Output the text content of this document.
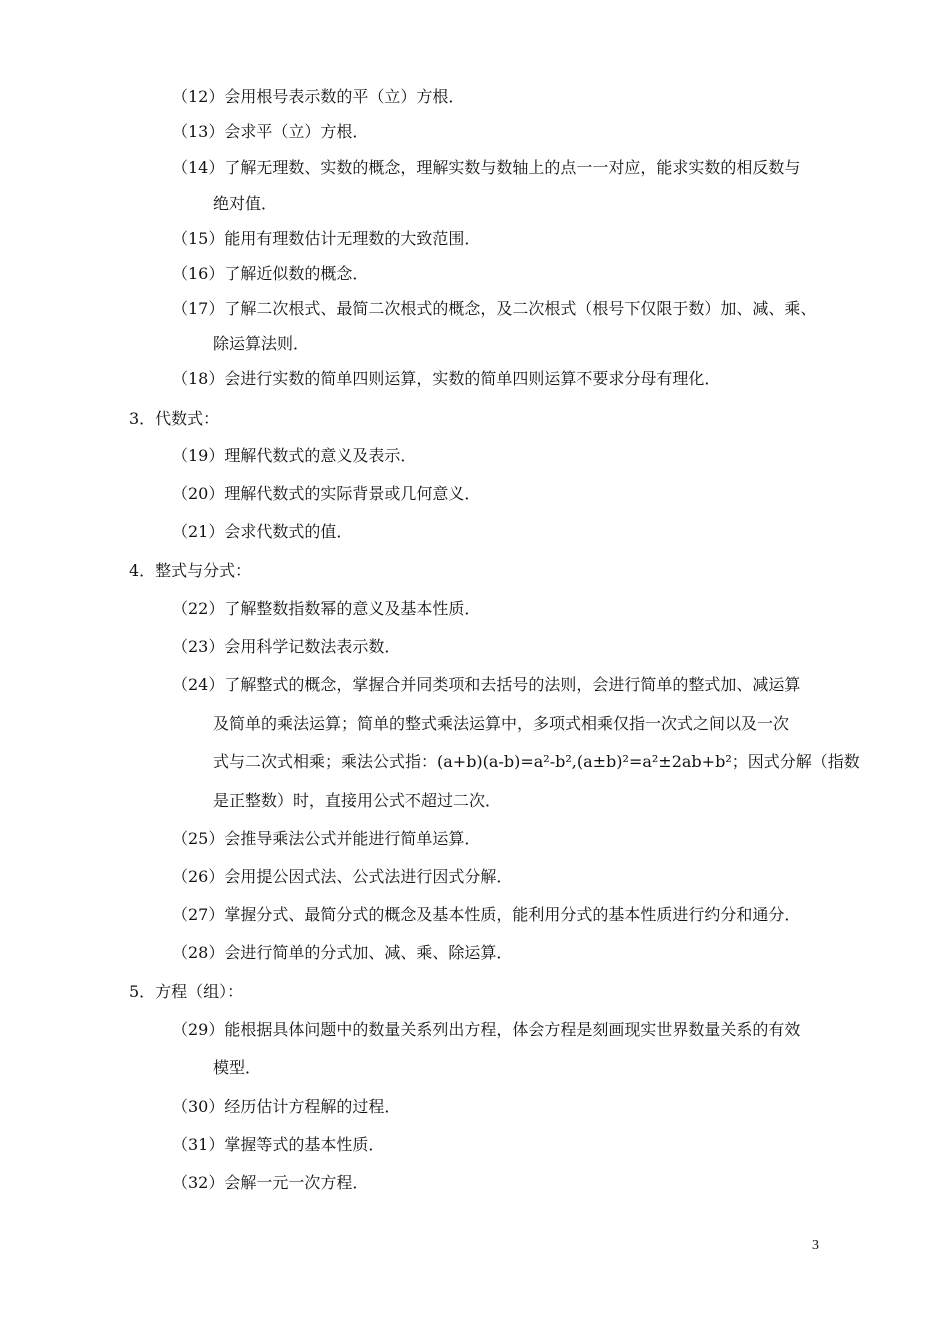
（12）会用根号表示数的平（立）方根．
（13）会求平（立）方根．
（14）了解无理数、实数的概念，理解实数与数轴上的点一一对应，能求实数的相反数与
绝对值．
（15）能用有理数估计无理数的大致范围．
（16）了解近似数的概念．
（17）了解二次根式、最简二次根式的概念，及二次根式（根号下仅限于数）加、减、乘、
除运算法则．
（18）会进行实数的简单四则运算，实数的简单四则运算不要求分母有理化．
3．代数式：
（19）理解代数式的意义及表示．
（20）理解代数式的实际背景或几何意义．
（21）会求代数式的值．
4．整式与分式：
（22）了解整数指数幂的意义及基本性质．
（23）会用科学记数法表示数．
（24）了解整式的概念，掌握合并同类项和去括号的法则，会进行简单的整式加、减运算
及简单的乘法运算；简单的整式乘法运算中，多项式相乘仅指一次式之间以及一次
式与二次式相乘；乘法公式指：(a+b)(a-b)=a²-b²,(a±b)²=a²±2ab+b²；因式分解（指数
是正整数）时，直接用公式不超过二次．
（25）会推导乘法公式并能进行简单运算．
（26）会用提公因式法、公式法进行因式分解．
（27）掌握分式、最简分式的概念及基本性质，能利用分式的基本性质进行约分和通分．
（28）会进行简单的分式加、减、乘、除运算．
5．方程（组）：
（29）能根据具体问题中的数量关系列出方程，体会方程是刻画现实世界数量关系的有效
模型．
（30）经历估计方程解的过程．
（31）掌握等式的基本性质．
（32）会解一元一次方程．
3
